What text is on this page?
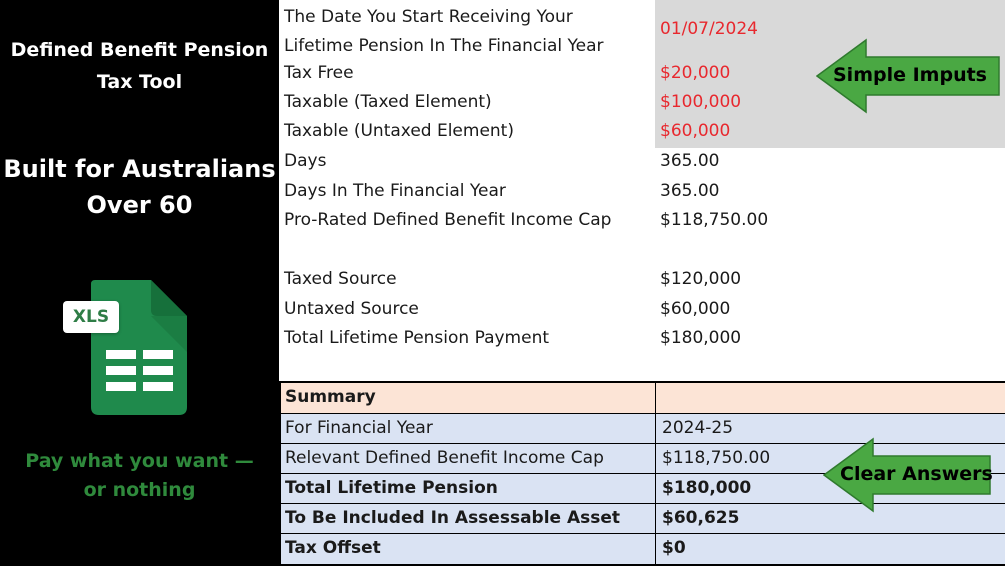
Defined Benefit Pension
Tax Tool
Built for Australians
Over 60
XLS
Pay what you want —
or nothing
The Date You Start Receiving Your
Lifetime Pension In The Financial Year
01/07/2024
Tax Free	$20,000
Taxable (Taxed Element)	$100,000
Taxable (Untaxed Element)	$60,000
Days	365.00
Days In The Financial Year	365.00
Pro-Rated Defined Benefit Income Cap	$118,750.00
Taxed Source	$120,000
Untaxed Source	$60,000
Total Lifetime Pension Payment	$180,000
Summary
For Financial Year	2024-25
Relevant Defined Benefit Income Cap	$118,750.00
Total Lifetime Pension	$180,000
To Be Included In Assessable Asset $60,625
Tax Offset	$0
Simple Imputs
Clear Answers
